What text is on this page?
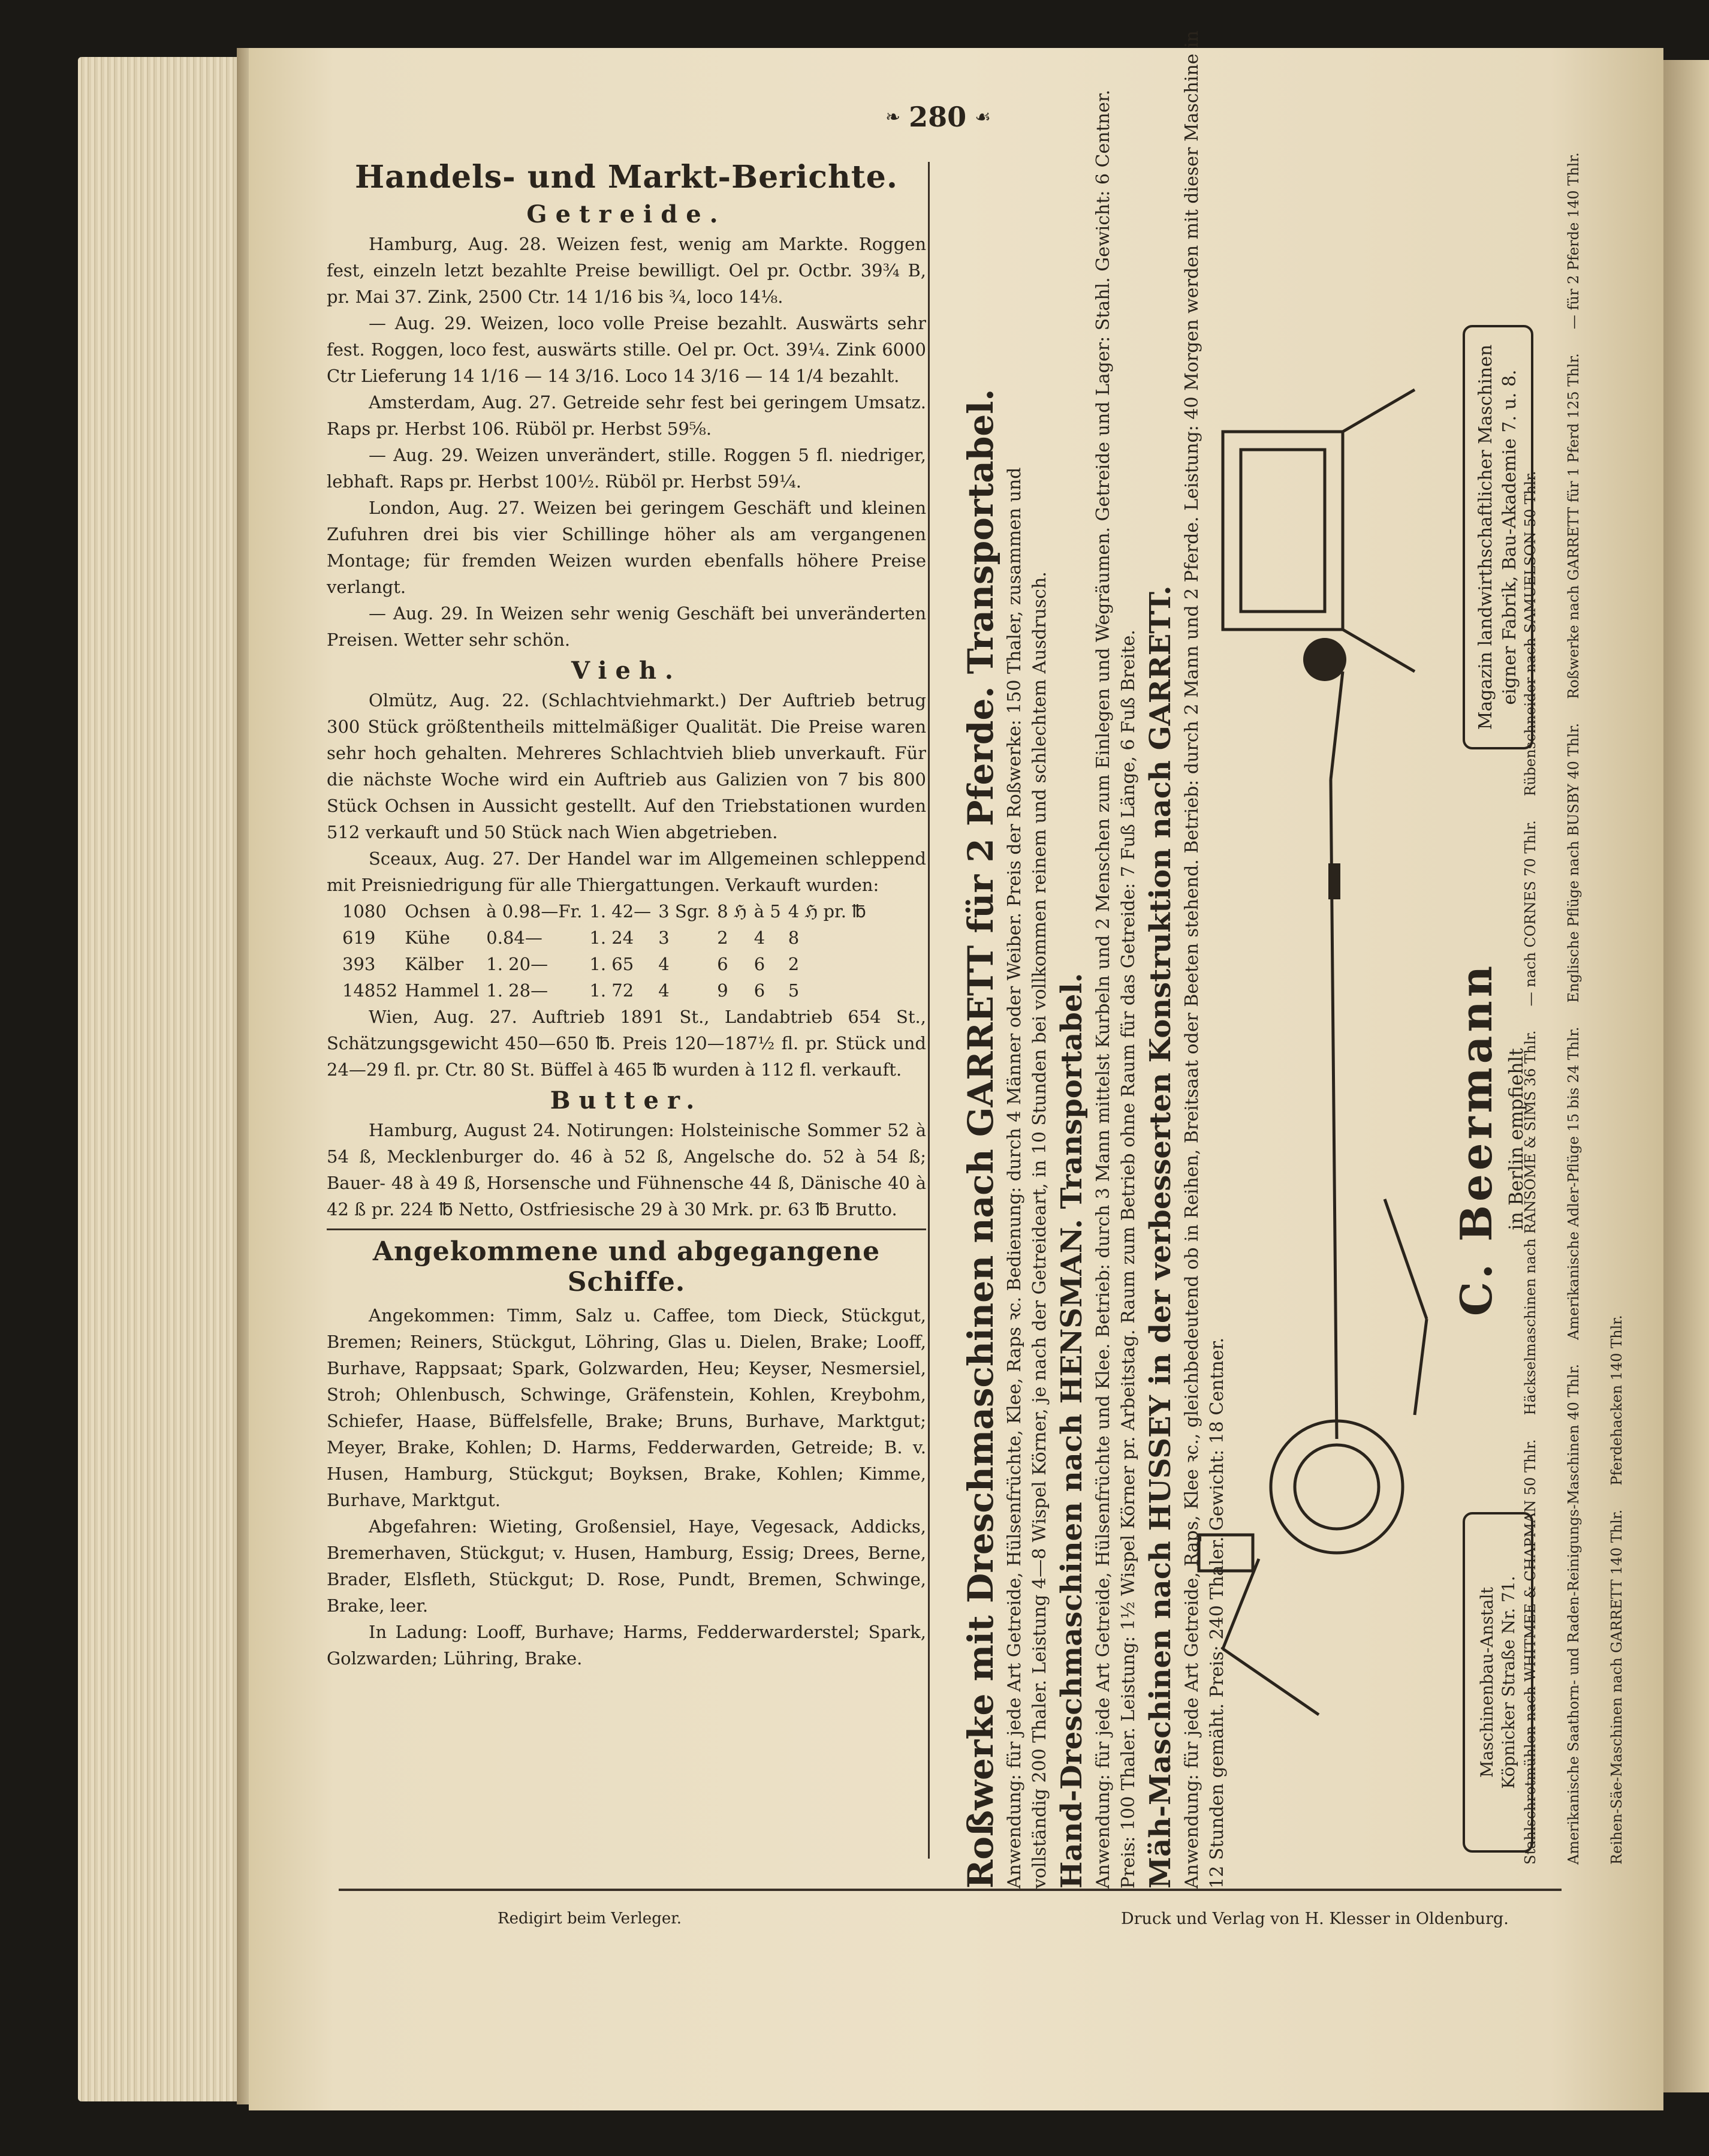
❧ 280 ☙
Handels- und Markt-Berichte.
Getreide.

Hamburg, Aug. 28. Weizen fest, wenig am Markte. Roggen fest, einzeln letzt bezahlte Preise bewilligt. Oel pr. Octbr. 39¾ B, pr. Mai 37. Zink, 2500 Ctr. 14 1/16 bis ¾, loco 14⅛.

— Aug. 29. Weizen, loco volle Preise bezahlt. Auswärts sehr fest. Roggen, loco fest, auswärts stille. Oel pr. Oct. 39¼. Zink 6000 Ctr Lieferung 14 1/16 — 14 3/16. Loco 14 3/16 — 14 1/4 bezahlt.

Amsterdam, Aug. 27. Getreide sehr fest bei geringem Umsatz. Raps pr. Herbst 106. Rüböl pr. Herbst 59⅝.

— Aug. 29. Weizen unverändert, stille. Roggen 5 fl. niedriger, lebhaft. Raps pr. Herbst 100½. Rüböl pr. Herbst 59¼.

London, Aug. 27. Weizen bei geringem Geschäft und kleinen Zufuhren drei bis vier Schillinge höher als am vergangenen Montage; für fremden Weizen wurden ebenfalls höhere Preise verlangt.

— Aug. 29. In Weizen sehr wenig Geschäft bei unveränderten Preisen. Wetter sehr schön.

Vieh.

Olmütz, Aug. 22. (Schlachtviehmarkt.) Der Auftrieb betrug 300 Stück größtentheils mittelmäßiger Qualität. Die Preise waren sehr hoch gehalten. Mehreres Schlachtvieh blieb unverkauft. Für die nächste Woche wird ein Auftrieb aus Galizien von 7 bis 800 Stück Ochsen in Aussicht gestellt. Auf den Triebstationen wurden 512 verkauft und 50 Stück nach Wien abgetrieben.

Sceaux, Aug. 27. Der Handel war im Allgemeinen schleppend mit Preisniedrigung für alle Thiergattungen. Verkauft wurden:

1080	Ochsen	à 0.98—Fr.	1. 42—	3 Sgr.	8 ℌ	à 5	4 ℌ pr. ℔
619	Kühe	0.84—	1. 24	3	2	4	8
393	Kälber	1. 20—	1. 65	4	6	6	2
14852	Hammel	1. 28—	1. 72	4	9	6	5

Wien, Aug. 27. Auftrieb 1891 St., Landabtrieb 654 St., Schätzungsgewicht 450—650 ℔. Preis 120—187½ fl. pr. Stück und 24—29 fl. pr. Ctr. 80 St. Büffel à 465 ℔ wurden à 112 fl. verkauft.

Butter.

Hamburg, August 24. Notirungen: Holsteinische Sommer 52 à 54 ß, Mecklenburger do. 46 à 52 ß, Angelsche do. 52 à 54 ß; Bauer- 48 à 49 ß, Horsensche und Fühnensche 44 ß, Dänische 40 à 42 ß pr. 224 ℔ Netto, Ostfriesische 29 à 30 Mrk. pr. 63 ℔ Brutto.

Angekommene und abgegangene Schiffe.

Angekommen: Timm, Salz u. Caffee, tom Dieck, Stückgut, Bremen; Reiners, Stückgut, Löhring, Glas u. Dielen, Brake; Looff, Burhave, Rappsaat; Spark, Golzwarden, Heu; Keyser, Nesmersiel, Stroh; Ohlenbusch, Schwinge, Gräfenstein, Kohlen, Kreybohm, Schiefer, Haase, Büffelsfelle, Brake; Bruns, Burhave, Marktgut; Meyer, Brake, Kohlen; D. Harms, Fedderwarden, Getreide; B. v. Husen, Hamburg, Stückgut; Boyksen, Brake, Kohlen; Kimme, Burhave, Marktgut.

Abgefahren: Wieting, Großensiel, Haye, Vegesack, Addicks, Bremerhaven, Stückgut; v. Husen, Hamburg, Essig; Drees, Berne, Brader, Elsfleth, Stückgut; D. Rose, Pundt, Bremen, Schwinge, Brake, leer.

In Ladung: Looff, Burhave; Harms, Fedderwarderstel; Spark, Golzwarden; Lühring, Brake.	Roßwerke mit Dreschmaschinen nach GARRETT für 2 Pferde. Transportabel. Anwendung: für jede Art Getreide, Hülsenfrüchte, Klee, Raps ꝛc. Bedienung: durch 4 Männer oder Weiber. Preis der Roßwerke: 150 Thaler, zusammen und vollständig 200 Thaler. Leistung 4—8 Wispel Körner, je nach der Getreideart, in 10 Stunden bei vollkommen reinem und schlechtem Ausdrusch. Hand-Dreschmaschinen nach HENSMAN. Transportabel. Anwendung: für jede Art Getreide, Hülsenfrüchte und Klee. Betrieb: durch 3 Mann mittelst Kurbeln und 2 Menschen zum Einlegen und Wegräumen. Getreide und Lager: Stahl. Gewicht: 6 Centner. Preis: 100 Thaler. Leistung: 1½ Wispel Körner pr. Arbeitstag. Raum zum Betrieb ohne Raum für das Getreide: 7 Fuß Länge, 6 Fuß Breite. Mäh-Maschinen nach HUSSEY in der verbesserten Konstruktion nach GARRETT. Anwendung: für jede Art Getreide, Raps, Klee ꝛc., gleichbedeutend ob in Reihen, Breitsaat oder Beeten stehend. Betrieb: durch 2 Mann und 2 Pferde. Leistung: 40 Morgen werden mit dieser Maschine in 12 Stunden gemäht. Preis: 240 Thaler. Gewicht: 18 Centner.	Maschinenbau-Anstalt Köpnicker Straße Nr. 71.
C. Beermann in Berlin empfiehlt
Magazin landwirthschaftlicher Maschinen eigner Fabrik, Bau-Akademie 7. u. 8.
Stahlschrotmühlen nach WHITMEE & CHAPMAN 50 Thlr.
Häckselmaschinen nach RANSOME & SIMS 36 Thlr.
— nach CORNES 70 Thlr.
Rübenschneider nach SAMUELSON 50 Thlr.
Amerikanische Saathorn- und Raden-Reinigungs-Maschinen 40 Thlr.
Amerikanische Adler-Pflüge 15 bis 24 Thlr.
Englische Pflüge nach BUSBY 40 Thlr.
Roßwerke nach GARRETT für 1 Pferd 125 Thlr.
— für 2 Pferde 140 Thlr.
Reihen-Säe-Maschinen nach GARRETT 140 Thlr.
Pferdehacken 140 Thlr.
Redigirt beim Verleger.	Druck und Verlag von H. Klesser in Oldenburg.
